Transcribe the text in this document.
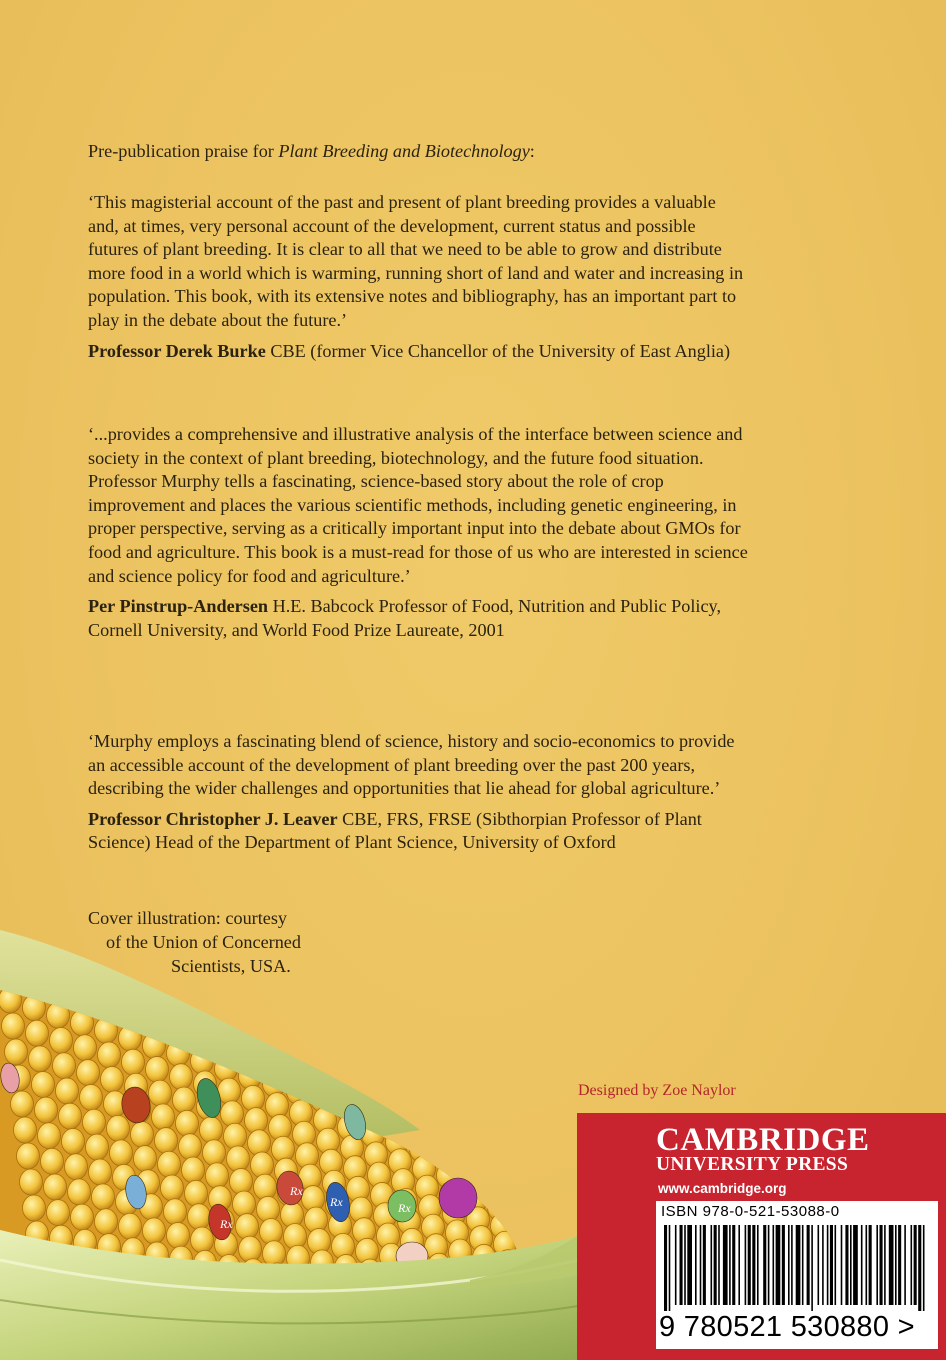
Pre-publication praise for Plant Breeding and Biotechnology:

‘This magisterial account of the past and present of plant breeding provides a valuable and, at times, very personal account of the development, current status and possible futures of plant breeding. It is clear to all that we need to be able to grow and distribute more food in a world which is warming, running short of land and water and increasing in population. This book, with its extensive notes and bibliography, has an important part to play in the debate about the future.’

Professor Derek Burke CBE (former Vice Chancellor of the University of East Anglia)

‘...provides a comprehensive and illustrative analysis of the interface between science and society in the context of plant breeding, biotechnology, and the future food situation. Professor Murphy tells a fascinating, science-based story about the role of crop improvement and places the various scientific methods, including genetic engineering, in proper perspective, serving as a critically important input into the debate about GMOs for food and agriculture. This book is a must-read for those of us who are interested in science and science policy for food and agriculture.’

Per Pinstrup-Andersen H.E. Babcock Professor of Food, Nutrition and Public Policy, Cornell University, and World Food Prize Laureate, 2001

‘Murphy employs a fascinating blend of science, history and socio-economics to provide an accessible account of the development of plant breeding over the past 200 years, describing the wider challenges and opportunities that lie ahead for global agriculture.’

Professor Christopher J. Leaver CBE, FRS, FRSE (Sibthorpian Professor of Plant Science) Head of the Department of Plant Science, University of Oxford

Cover illustration: courtesy
of the Union of Concerned
Scientists, USA.
Rx
Rx
Rx	Rx
Designed by Zoe Naylor
CAMBRIDGE
UNIVERSITY PRESS
www.cambridge.org
ISBN 978-0-521-53088-0
9 780521 530880 >
